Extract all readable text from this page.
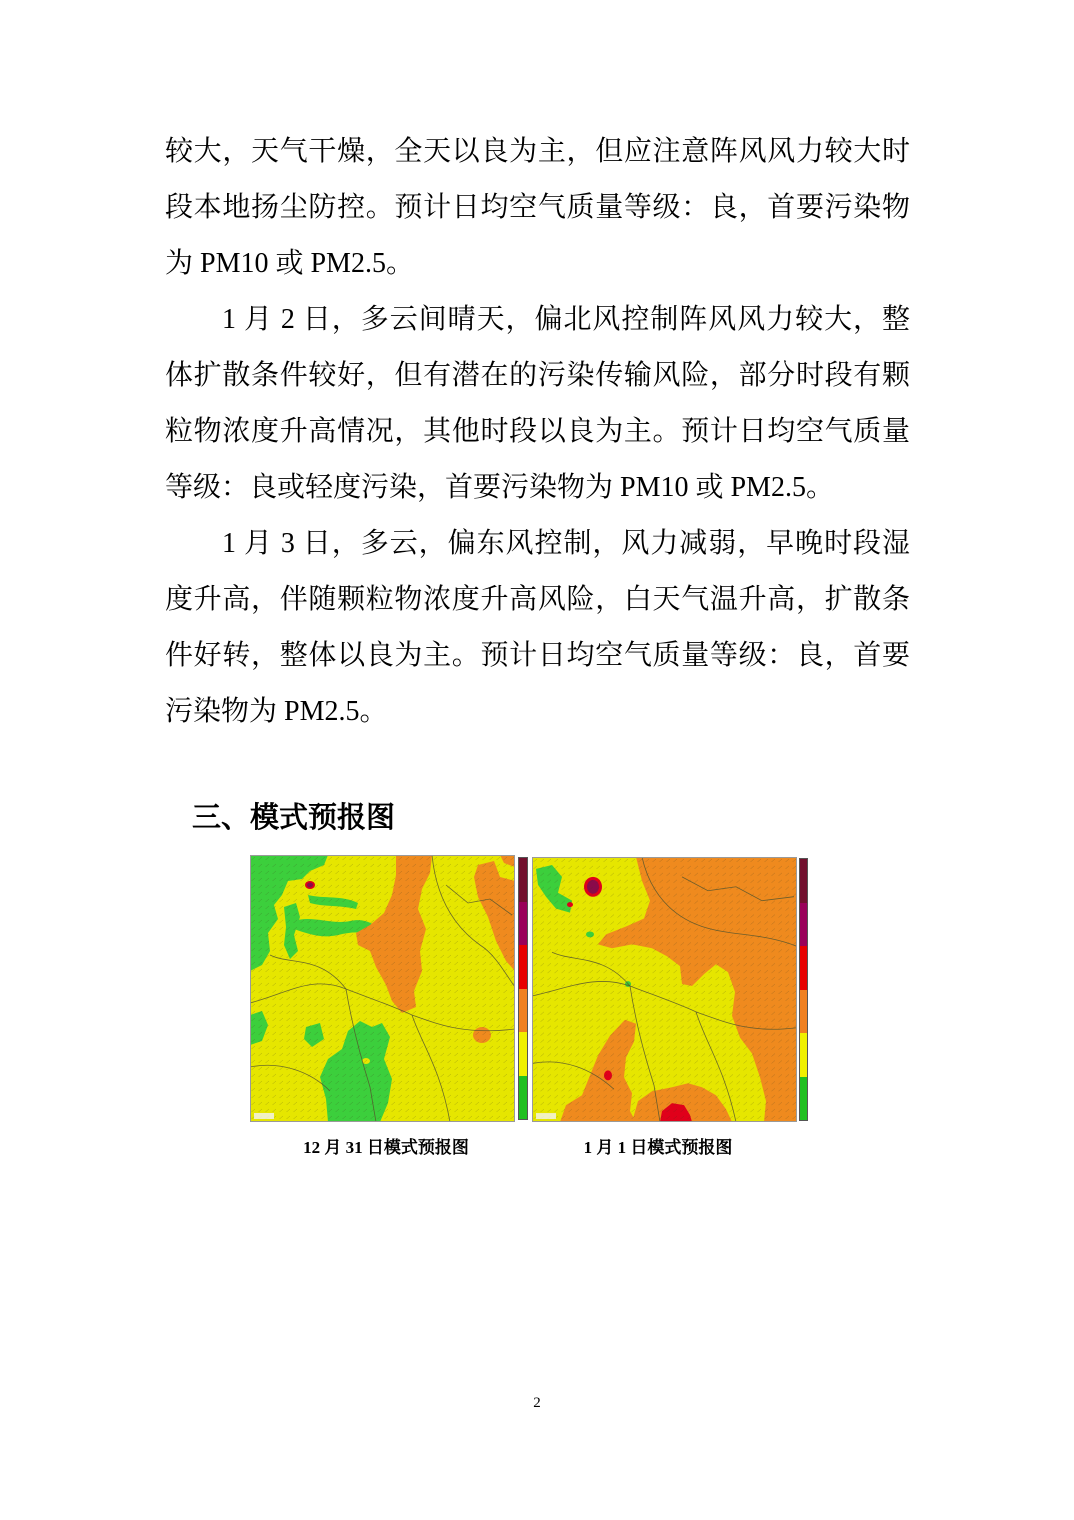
较大，天气干燥，全天以良为主，但应注意阵风风力较大时
段本地扬尘防控。预计日均空气质量等级：良，首要污染物
为 PM10 或 PM2.5。
1 月 2 日，多云间晴天，偏北风控制阵风风力较大，整
体扩散条件较好，但有潜在的污染传输风险，部分时段有颗
粒物浓度升高情况，其他时段以良为主。预计日均空气质量
等级：良或轻度污染，首要污染物为 PM10 或 PM2.5。
1 月 3 日，多云，偏东风控制，风力减弱，早晚时段湿
度升高，伴随颗粒物浓度升高风险，白天气温升高，扩散条
件好转，整体以良为主。预计日均空气质量等级：良，首要
污染物为 PM2.5。
三、模式预报图
12 月 31 日模式预报图	1 月 1 日模式预报图
2
